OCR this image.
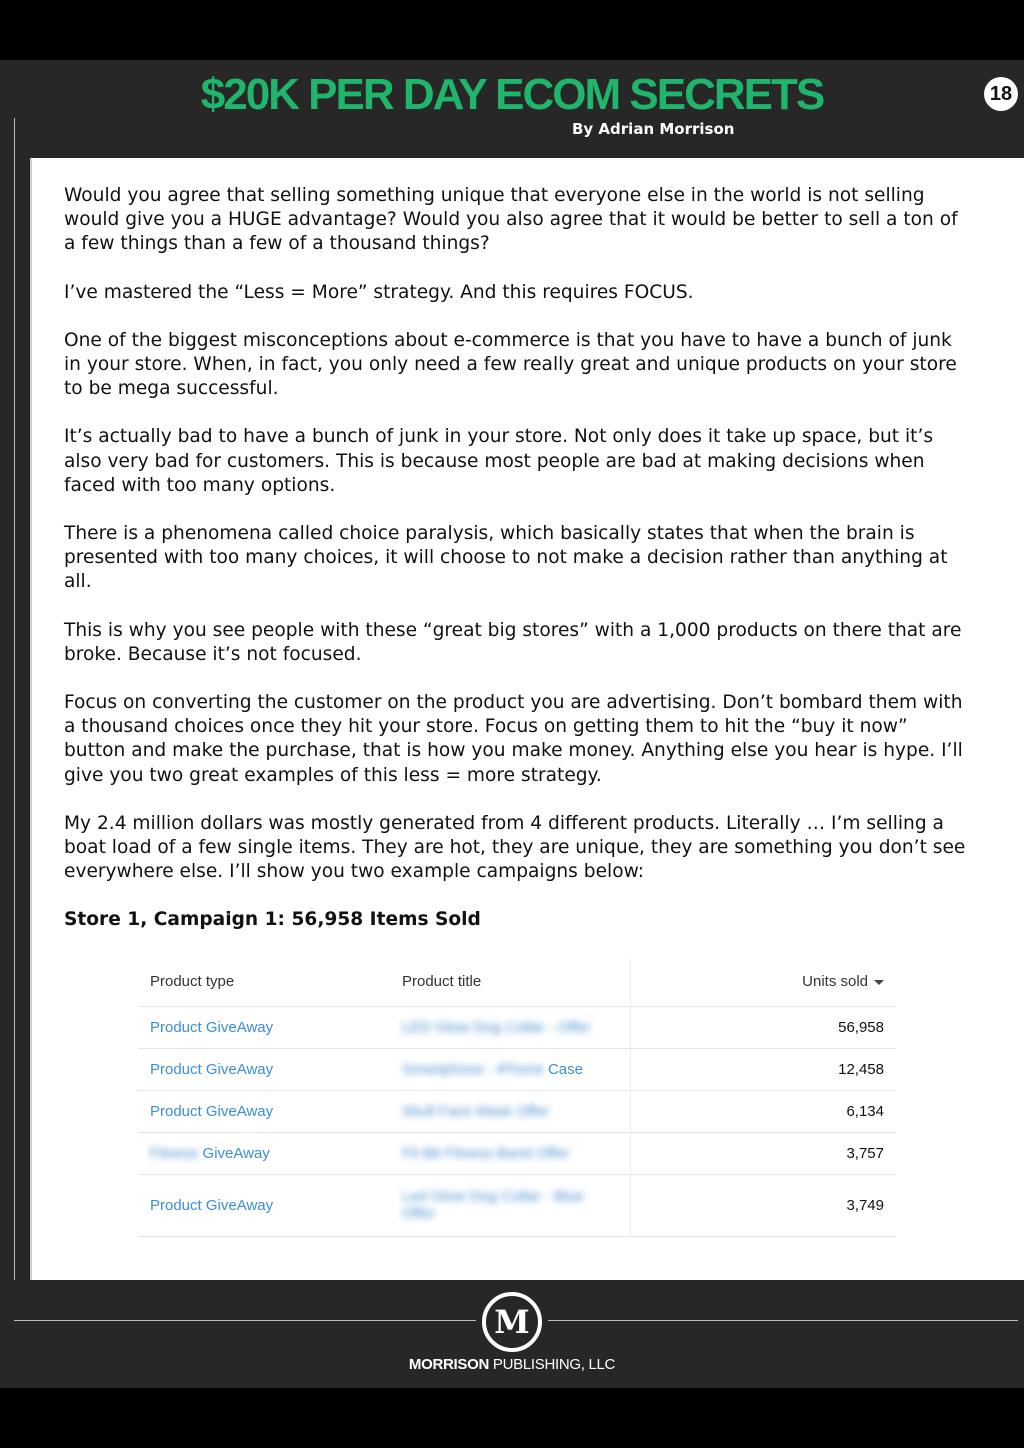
$20K PER DAY ECOM SECRETS
By Adrian Morrison
18

Would you agree that selling something unique that everyone else in the world is not selling would give you a HUGE advantage? Would you also agree that it would be better to sell a ton of a few things than a few of a thousand things?

I’ve mastered the “Less = More” strategy. And this requires FOCUS.

One of the biggest misconceptions about e-commerce is that you have to have a bunch of junk in your store. When, in fact, you only need a few really great and unique products on your store to be mega successful.

It’s actually bad to have a bunch of junk in your store. Not only does it take up space, but it’s also very bad for customers. This is because most people are bad at making decisions when faced with too many options.

There is a phenomena called choice paralysis, which basically states that when the brain is presented with too many choices, it will choose to not make a decision rather than anything at all.

This is why you see people with these “great big stores” with a 1,000 products on there that are broke. Because it’s not focused.

Focus on converting the customer on the product you are advertising. Don’t bombard them with a thousand choices once they hit your store. Focus on getting them to hit the “buy it now” button and make the purchase, that is how you make money. Anything else you hear is hype. I’ll give you two great examples of this less = more strategy.

My 2.4 million dollars was mostly generated from 4 different products. Literally … I’m selling a boat load of a few single items. They are hot, they are unique, they are something you don’t see everywhere else. I’ll show you two example campaigns below:

Store 1, Campaign 1: 56,958 Items Sold

Product type	Product title	Units sold
Product GiveAway	LED Glow Dog Collar - Offer	56,958
Product GiveAway	Smartphone - iPhone Case	12,458
Product GiveAway	Skull Face Mask Offer	6,134
Fitness GiveAway	Fit Bit Fitness Band Offer	3,757
Product GiveAway	Led Glow Dog Collar - Blue Offer	3,749
M
MORRISON PUBLISHING, LLC
